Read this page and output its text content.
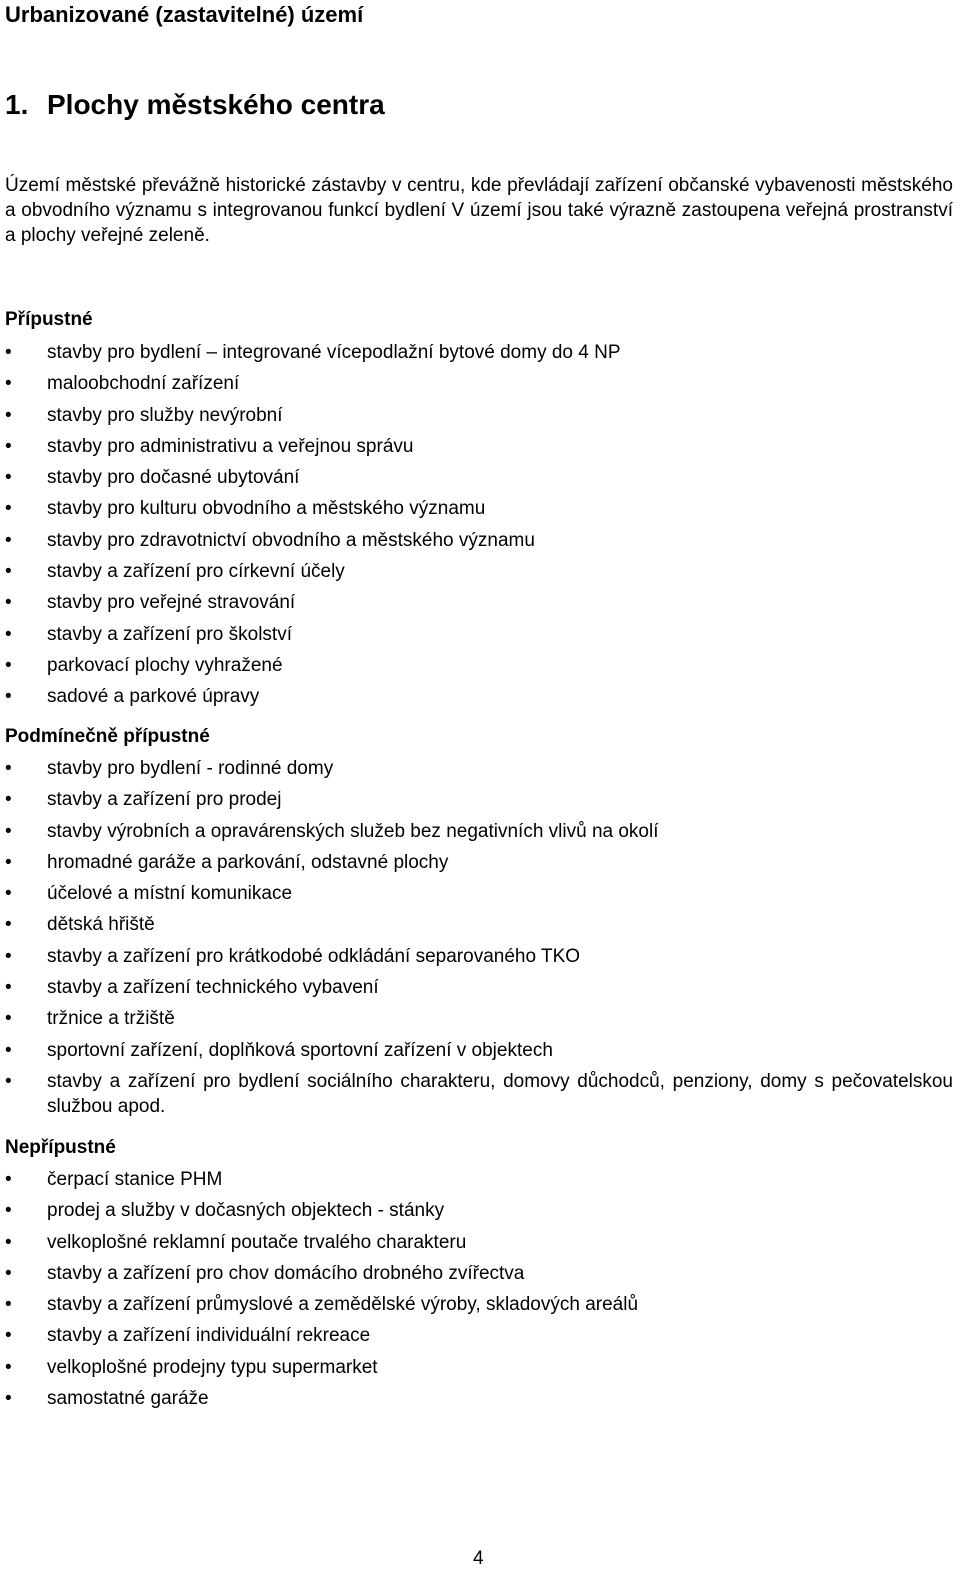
Urbanizované (zastavitelné) území
1. Plochy městského centra
Území městské převážně historické zástavby v centru, kde převládají zařízení občanské vybavenosti městského a obvodního významu s integrovanou funkcí bydlení V území jsou také výrazně zastoupena veřejná prostranství a plochy veřejné zeleně.
Přípustné
• stavby pro bydlení – integrované vícepodlažní bytové domy do 4 NP
• maloobchodní zařízení
• stavby pro služby nevýrobní
• stavby pro administrativu a veřejnou správu
• stavby pro dočasné ubytování
• stavby pro kulturu obvodního a městského významu
• stavby pro zdravotnictví obvodního a městského významu
• stavby a zařízení pro církevní účely
• stavby pro veřejné stravování
• stavby a zařízení pro školství
• parkovací plochy vyhražené
• sadové a parkové úpravy
Podmínečně přípustné
• stavby pro bydlení - rodinné domy
• stavby a zařízení pro prodej
• stavby výrobních a opravárenských služeb bez negativních vlivů na okolí
• hromadné garáže a parkování, odstavné plochy
• účelové a místní komunikace
• dětská hřiště
• stavby a zařízení pro krátkodobé odkládání separovaného TKO
• stavby a zařízení technického vybavení
• tržnice a tržiště
• sportovní zařízení, doplňková sportovní zařízení v objektech
• stavby a zařízení pro bydlení sociálního charakteru, domovy důchodců, penziony, domy s pečovatelskou službou apod.
Nepřípustné
• čerpací stanice PHM
• prodej a služby v dočasných objektech - stánky
• velkoplošné reklamní poutače trvalého charakteru
• stavby a zařízení pro chov domácího drobného zvířectva
• stavby a zařízení průmyslové a zemědělské výroby, skladových areálů
• stavby a zařízení individuální rekreace
• velkoplošné prodejny typu supermarket
• samostatné garáže
4
